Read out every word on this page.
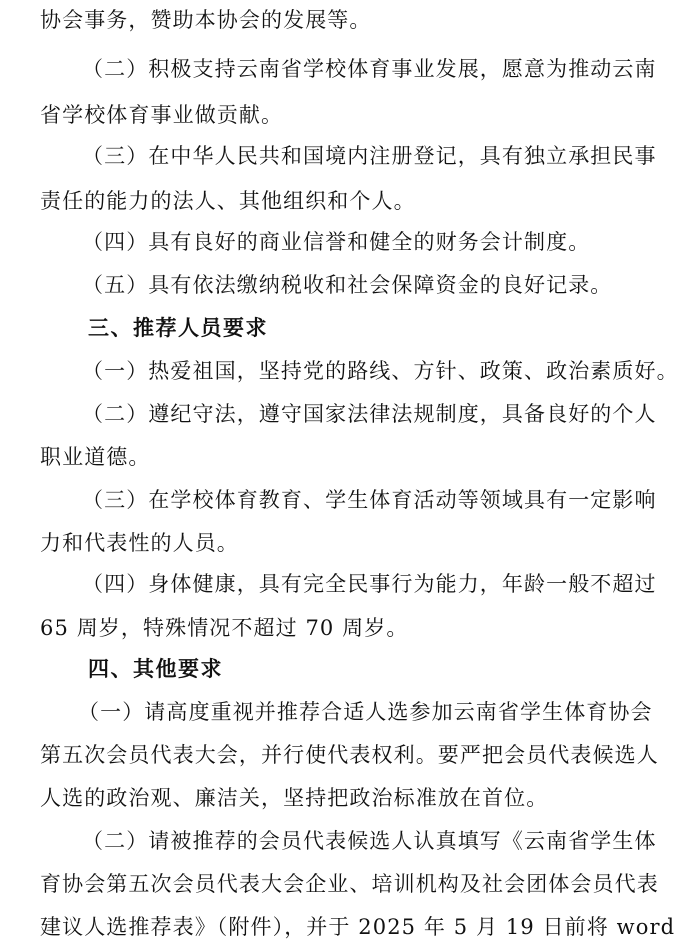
协会事务，赞助本协会的发展等。
（二）积极支持云南省学校体育事业发展，愿意为推动云南
省学校体育事业做贡献。
（三）在中华人民共和国境内注册登记，具有独立承担民事
责任的能力的法人、其他组织和个人。
（四）具有良好的商业信誉和健全的财务会计制度。
（五）具有依法缴纳税收和社会保障资金的良好记录。
三、推荐人员要求
（一）热爱祖国，坚持党的路线、方针、政策、政治素质好。
（二）遵纪守法，遵守国家法律法规制度，具备良好的个人
职业道德。
（三）在学校体育教育、学生体育活动等领域具有一定影响
力和代表性的人员。
（四）身体健康，具有完全民事行为能力，年龄一般不超过
65 周岁，特殊情况不超过 70 周岁。
四、其他要求
（一）请高度重视并推荐合适人选参加云南省学生体育协会
第五次会员代表大会，并行使代表权利。要严把会员代表候选人
人选的政治观、廉洁关，坚持把政治标准放在首位。
（二）请被推荐的会员代表候选人认真填写《云南省学生体
育协会第五次会员代表大会企业、培训机构及社会团体会员代表
建议人选推荐表》（附件），并于 2025 年 5 月 19 日前将 word
